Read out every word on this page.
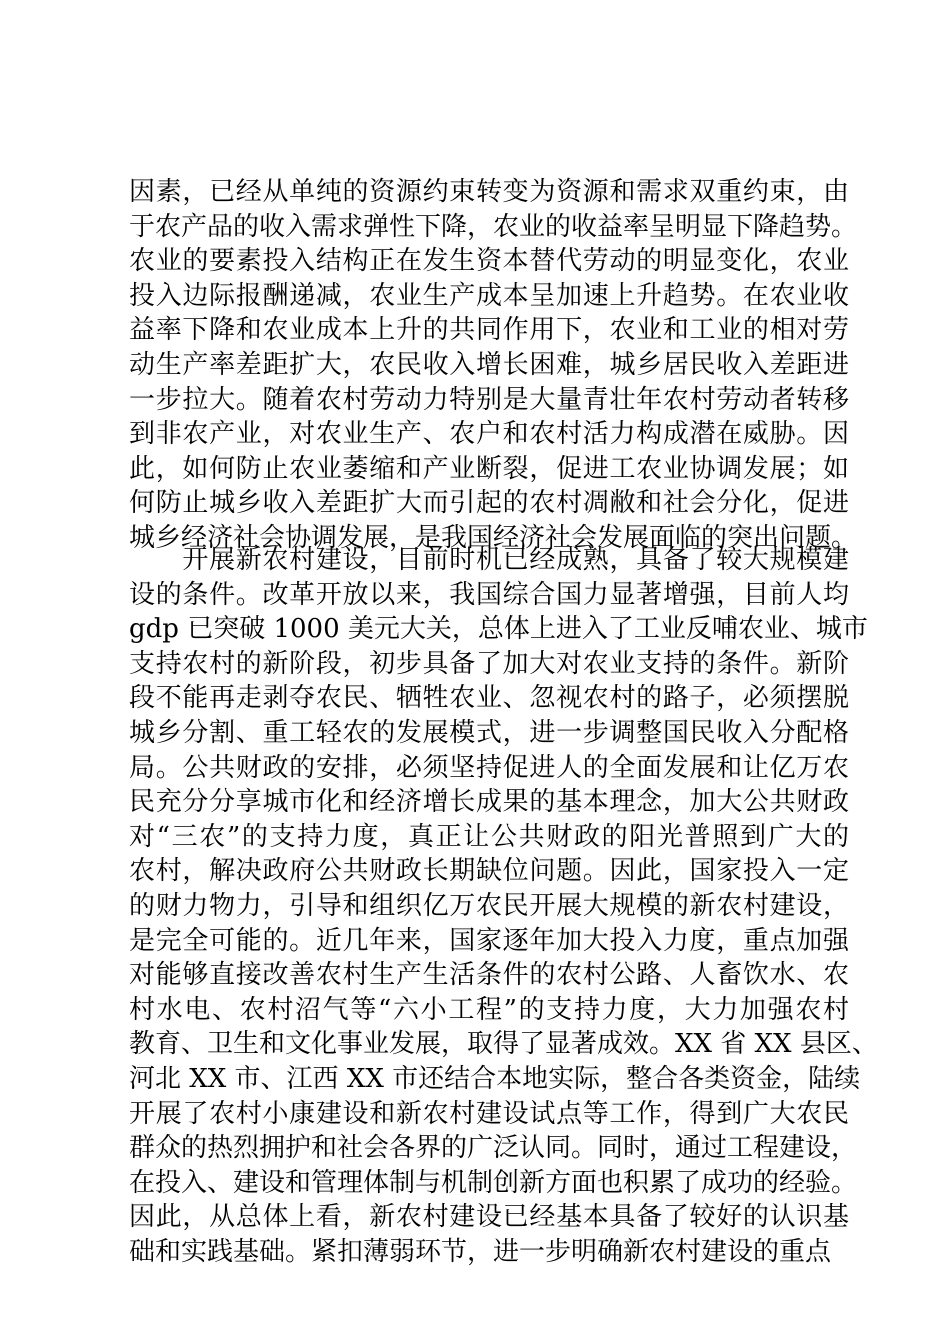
因素，已经从单纯的资源约束转变为资源和需求双重约束，由
于农产品的收入需求弹性下降，农业的收益率呈明显下降趋势。
农业的要素投入结构正在发生资本替代劳动的明显变化，农业
投入边际报酬递减，农业生产成本呈加速上升趋势。在农业收
益率下降和农业成本上升的共同作用下，农业和工业的相对劳
动生产率差距扩大，农民收入增长困难，城乡居民收入差距进
一步拉大。随着农村劳动力特别是大量青壮年农村劳动者转移
到非农产业，对农业生产、农户和农村活力构成潜在威胁。因
此，如何防止农业萎缩和产业断裂，促进工农业协调发展；如
何防止城乡收入差距扩大而引起的农村凋敝和社会分化，促进
城乡经济社会协调发展，是我国经济社会发展面临的突出问题。
　　开展新农村建设，目前时机已经成熟，具备了较大规模建
设的条件。改革开放以来，我国综合国力显著增强，目前人均
gdp 已突破 1000 美元大关，总体上进入了工业反哺农业、城市
支持农村的新阶段，初步具备了加大对农业支持的条件。新阶
段不能再走剥夺农民、牺牲农业、忽视农村的路子，必须摆脱
城乡分割、重工轻农的发展模式，进一步调整国民收入分配格
局。公共财政的安排，必须坚持促进人的全面发展和让亿万农
民充分分享城市化和经济增长成果的基本理念，加大公共财政
对“三农”的支持力度，真正让公共财政的阳光普照到广大的
农村，解决政府公共财政长期缺位问题。因此，国家投入一定
的财力物力，引导和组织亿万农民开展大规模的新农村建设，
是完全可能的。近几年来，国家逐年加大投入力度，重点加强
对能够直接改善农村生产生活条件的农村公路、人畜饮水、农
村水电、农村沼气等“六小工程”的支持力度，大力加强农村
教育、卫生和文化事业发展，取得了显著成效。XX 省 XX 县区、
河北 XX 市、江西 XX 市还结合本地实际，整合各类资金，陆续
开展了农村小康建设和新农村建设试点等工作，得到广大农民
群众的热烈拥护和社会各界的广泛认同。同时，通过工程建设，
在投入、建设和管理体制与机制创新方面也积累了成功的经验。
因此，从总体上看，新农村建设已经基本具备了较好的认识基
础和实践基础。紧扣薄弱环节，进一步明确新农村建设的重点
